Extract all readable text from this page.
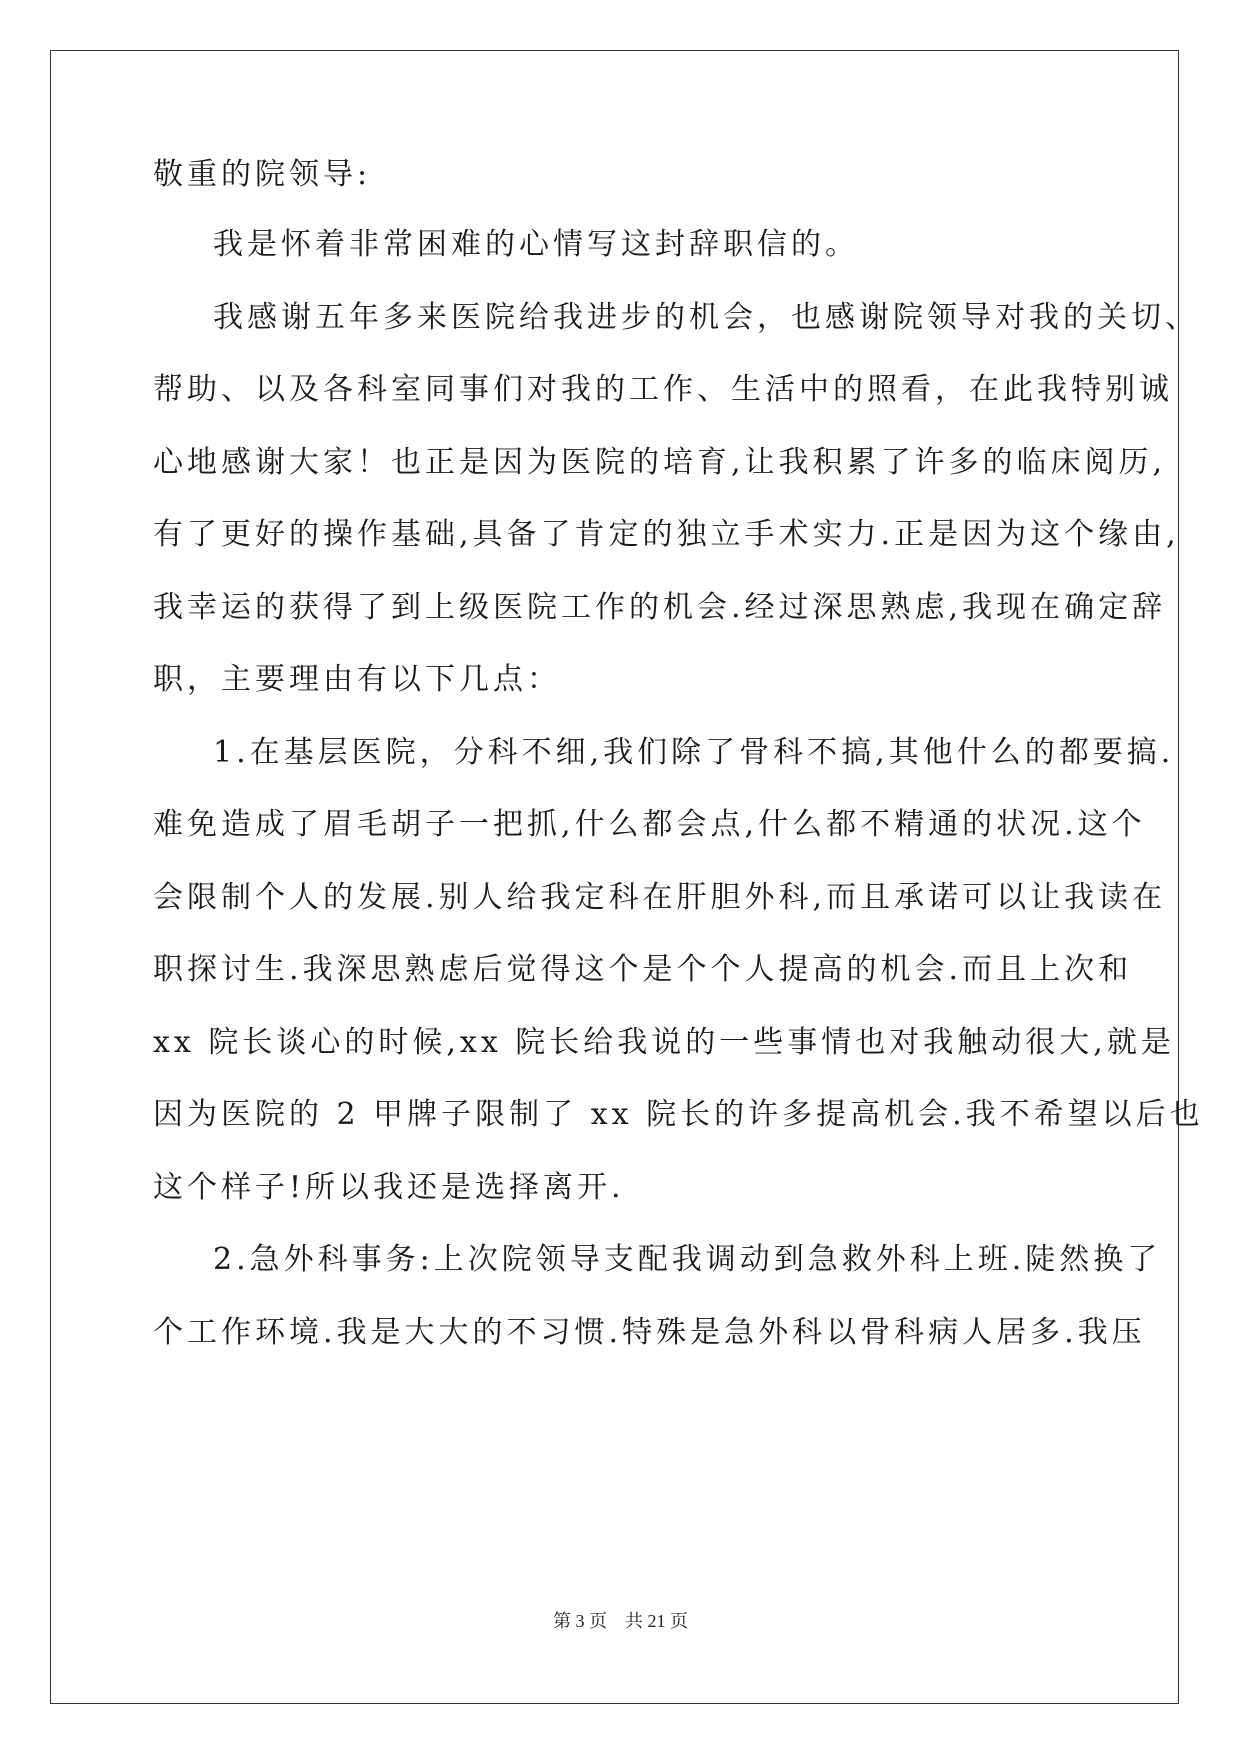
敬重的院领导:
我是怀着非常困难的心情写这封辞职信的。
我感谢五年多来医院给我进步的机会，也感谢院领导对我的关切、
帮助、以及各科室同事们对我的工作、生活中的照看，在此我特别诚
心地感谢大家！也正是因为医院的培育,让我积累了许多的临床阅历,
有了更好的操作基础,具备了肯定的独立手术实力.正是因为这个缘由,
我幸运的获得了到上级医院工作的机会.经过深思熟虑,我现在确定辞
职，主要理由有以下几点：
1.在基层医院，分科不细,我们除了骨科不搞,其他什么的都要搞.
难免造成了眉毛胡子一把抓,什么都会点,什么都不精通的状况.这个
会限制个人的发展.别人给我定科在肝胆外科,而且承诺可以让我读在
职探讨生.我深思熟虑后觉得这个是个个人提高的机会.而且上次和
xx 院长谈心的时候,xx 院长给我说的一些事情也对我触动很大,就是
因为医院的 2 甲牌子限制了 xx 院长的许多提高机会.我不希望以后也
这个样子!所以我还是选择离开.
2.急外科事务:上次院领导支配我调动到急救外科上班.陡然换了
个工作环境.我是大大的不习惯.特殊是急外科以骨科病人居多.我压
第 3 页 共 21 页
